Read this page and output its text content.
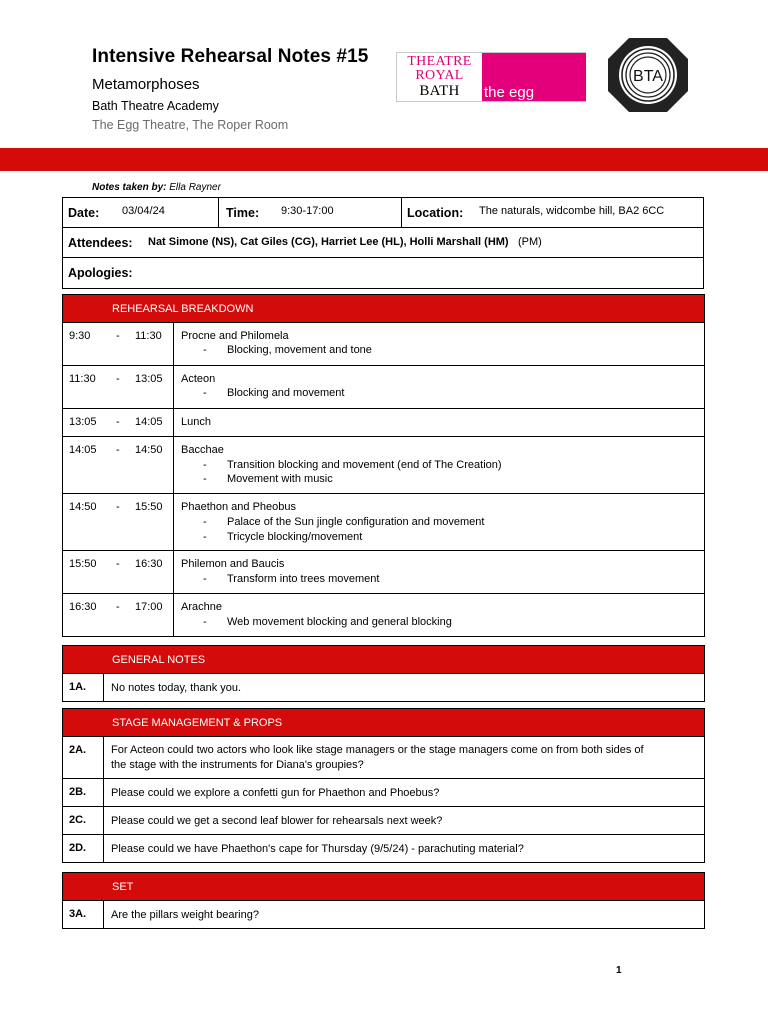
Intensive Rehearsal Notes #15
Metamorphoses
Bath Theatre Academy
The Egg Theatre, The Roper Room
THEATRE
ROYAL
BATH	the egg
BTA
Notes taken by: Ella Rayner
Date: 03/04/24	Time: 9:30-17:00	Location: The naturals, widcombe hill, BA2 6CC
Attendees: Nat Simone (NS), Cat Giles (CG), Harriet Lee (HL), Holli Marshall (HM) (PM)
Apologies:
REHEARSAL BREAKDOWN
9:30 - 11:30 Procne and Philomela
- Blocking, movement and tone
11:30 - 13:05 Acteon
- Blocking and movement
13:05 - 14:05 Lunch
14:05 - 14:50 Bacchae
- Transition blocking and movement (end of The Creation)
- Movement with music
14:50 - 15:50 Phaethon and Pheobus
- Palace of the Sun jingle configuration and movement
- Tricycle blocking/movement
15:50 - 16:30 Philemon and Baucis
- Transform into trees movement
16:30 - 17:00 Arachne
- Web movement blocking and general blocking
GENERAL NOTES
1A.	No notes today, thank you.
STAGE MANAGEMENT & PROPS
2A.	For Acteon could two actors who look like stage managers or the stage managers come on from both sides of
the stage with the instruments for Diana's groupies?
2B.	Please could we explore a confetti gun for Phaethon and Phoebus?
2C.	Please could we get a second leaf blower for rehearsals next week?
2D.	Please could we have Phaethon's cape for Thursday (9/5/24) - parachuting material?
SET
3A.	Are the pillars weight bearing?
1
